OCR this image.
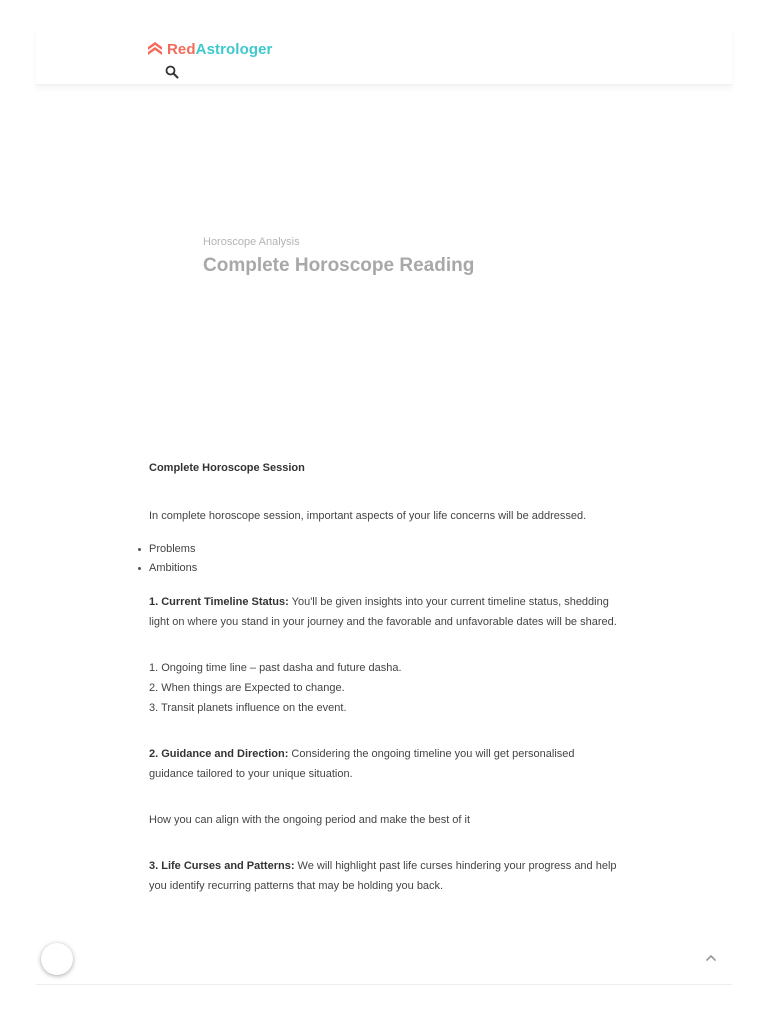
Red Astrologer
Horoscope Analysis
Complete Horoscope Reading

Complete Horoscope Session

In complete horoscope session, important aspects of your life concerns will be addressed.

Problems
Ambitions

1. Current Timeline Status: You'll be given insights into your current timeline status, shedding light on where you stand in your journey and the favorable and unfavorable dates will be shared.

1. Ongoing time line – past dasha and future dasha.
2. When things are Expected to change.
3. Transit planets influence on the event.

2. Guidance and Direction: Considering the ongoing timeline you will get personalised guidance tailored to your unique situation.

How you can align with the ongoing period and make the best of it

3. Life Curses and Patterns: We will highlight past life curses hindering your progress and help you identify recurring patterns that may be holding you back.
